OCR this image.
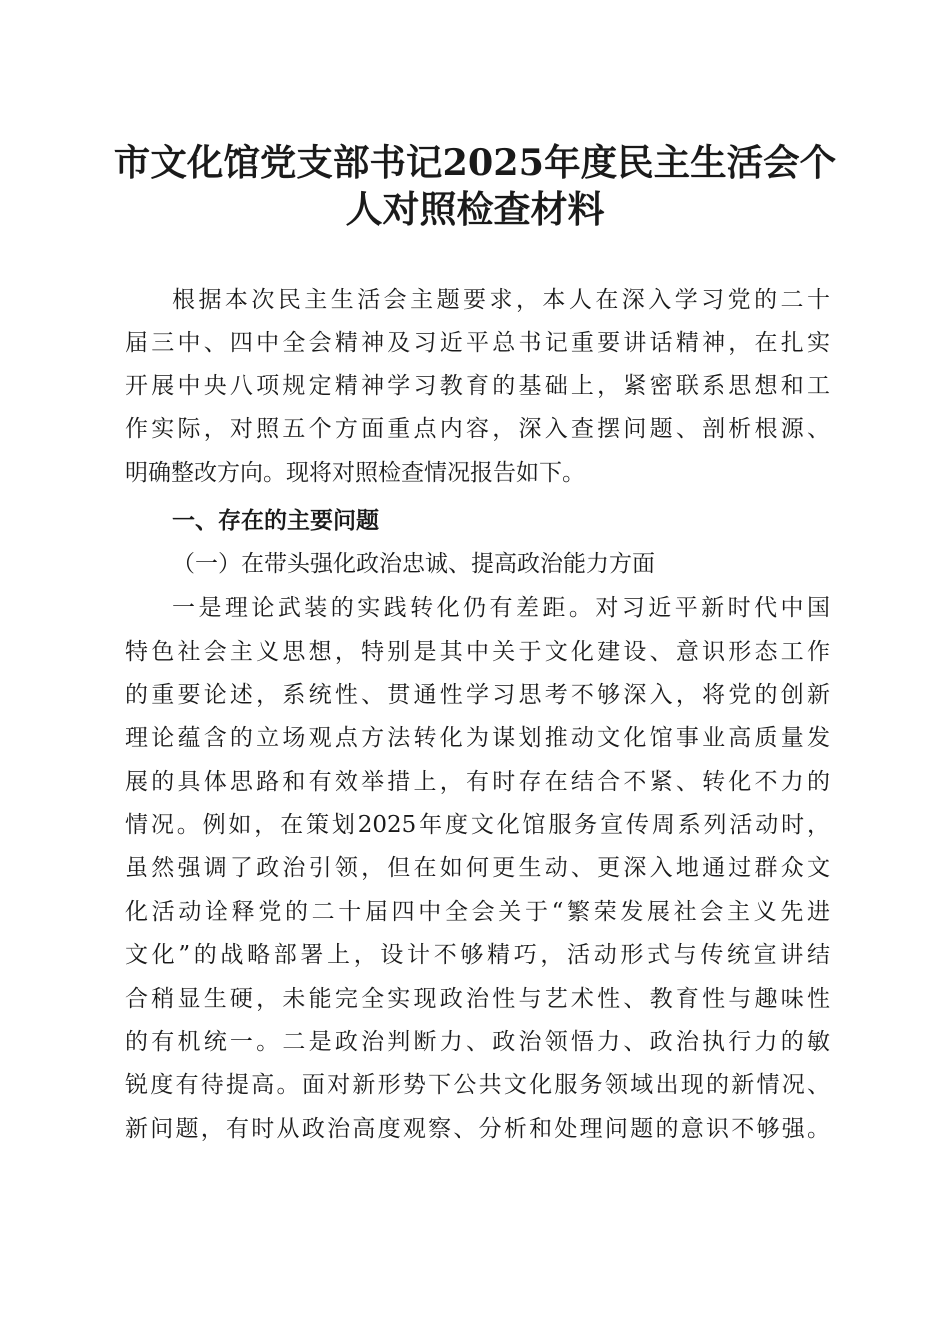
市文化馆党支部书记2025年度民主生活会个
人对照检查材料
根据本次民主生活会主题要求，本人在深入学习党的二十
届三中、四中全会精神及习近平总书记重要讲话精神，在扎实
开展中央八项规定精神学习教育的基础上，紧密联系思想和工
作实际，对照五个方面重点内容，深入查摆问题、剖析根源、
明确整改方向。现将对照检查情况报告如下。
一、存在的主要问题
（一）在带头强化政治忠诚、提高政治能力方面
一是理论武装的实践转化仍有差距。对习近平新时代中国
特色社会主义思想，特别是其中关于文化建设、意识形态工作
的重要论述，系统性、贯通性学习思考不够深入，将党的创新
理论蕴含的立场观点方法转化为谋划推动文化馆事业高质量发
展的具体思路和有效举措上，有时存在结合不紧、转化不力的
情况。例如，在策划2025年度文化馆服务宣传周系列活动时，
虽然强调了政治引领，但在如何更生动、更深入地通过群众文
化活动诠释党的二十届四中全会关于“繁荣发展社会主义先进
文化”的战略部署上，设计不够精巧，活动形式与传统宣讲结
合稍显生硬，未能完全实现政治性与艺术性、教育性与趣味性
的有机统一。二是政治判断力、政治领悟力、政治执行力的敏
锐度有待提高。面对新形势下公共文化服务领域出现的新情况、
新问题，有时从政治高度观察、分析和处理问题的意识不够强。
